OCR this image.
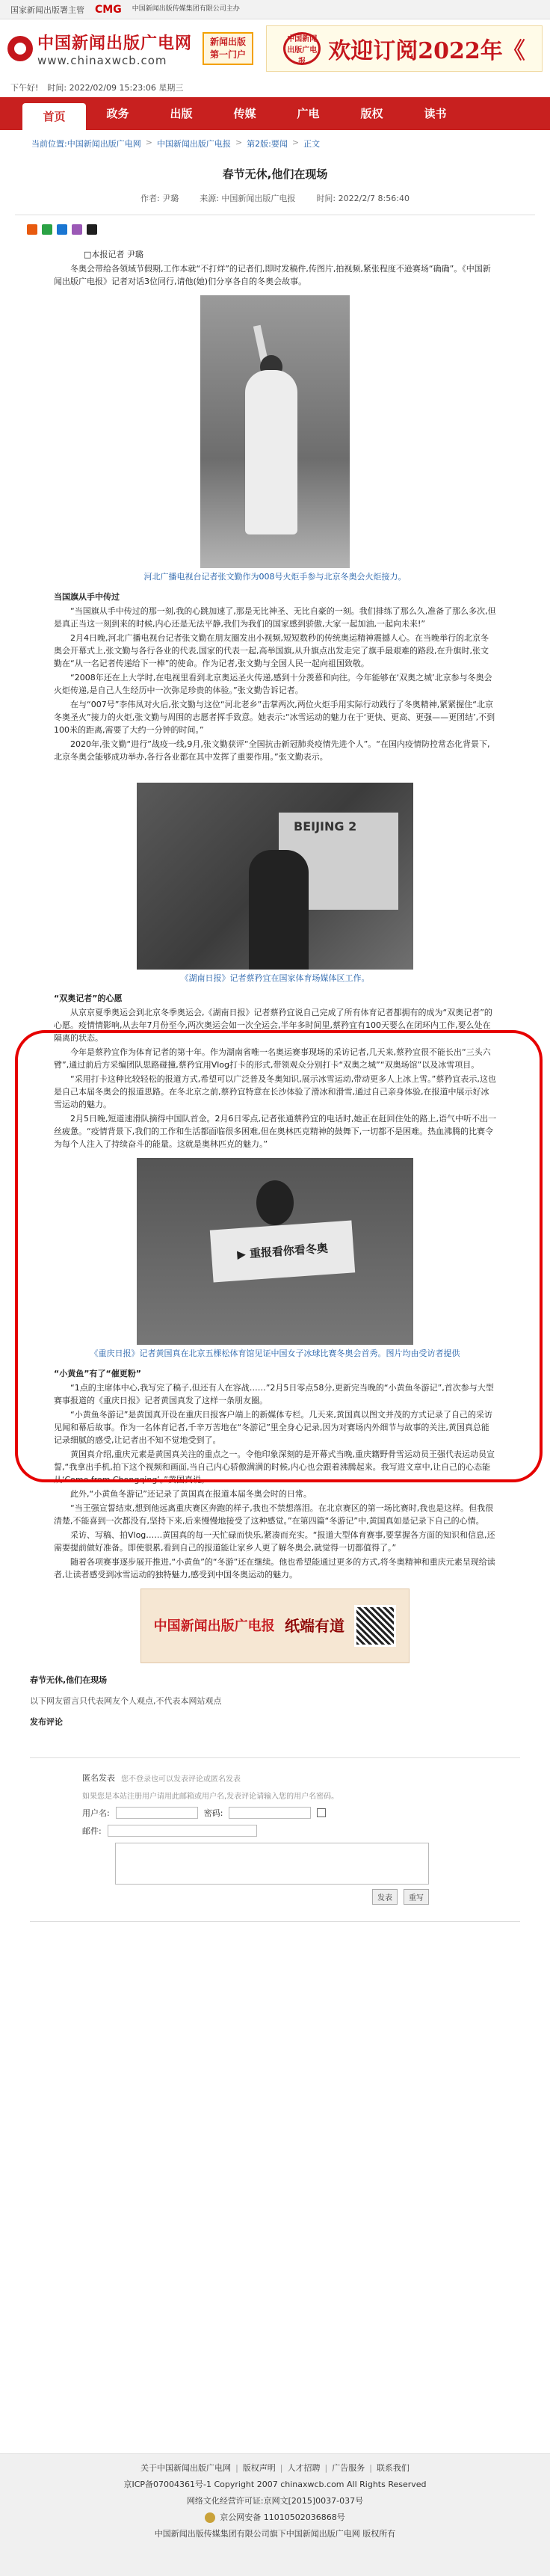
国家新闻出版署主管 CMG 中国新闻出版传媒集团有限公司主办
中国新闻出版广电网
www.chinaxwcb.com
新闻出版
第一门户
中国新闻出版广电报	欢迎订阅2022年《
下午好! 时间: 2022/02/09 15:23:06 星期三
首页	政务	出版	传媒	广电	版权	读书
当前位置:中国新闻出版广电网 > 中国新闻出版广电报 > 第2版:要闻 > 正文
春节无休,他们在现场
作者: 尹璐	来源: 中国新闻出版广电报	时间: 2022/2/7 8:56:40

□本报记者 尹璐

冬奥会带给各领域节假期,工作本就“不打烊”的记者们,即时发稿件,传图片,拍视频,紧张程度不逊赛场“确确”。《中国新闻出版广电报》记者对话3位同行,请他(她)们分享各自的冬奥会故事。

河北广播电视台记者张文勤作为008号火炬手参与北京冬奥会火炬接力。

当国旗从手中传过

“当国旗从手中传过的那一刻,我的心跳加速了,那是无比神圣、无比自豪的一刻。我们排练了那么久,准备了那么多次,但是真正当这一刻到来的时候,内心还是无法平静,我们为我们的国家感到骄傲,大家一起加油,一起向未来!”

2月4日晚,河北广播电视台记者张文勤在朋友圈发出小视频,短短数秒的传统奥运精神震撼人心。在当晚举行的北京冬奥会开幕式上,张文勤与各行各业的代表,国家的代表一起,高举国旗,从升旗点出发走完了旗手最艰难的路段,在升旗时,张文勤在“从一名记者传递给下一棒”的使命。作为记者,张文勤与全国人民一起向祖国致敬。

“2008年还在上大学时,在电视里看到北京奥运圣火传递,感到十分羡慕和向往。今年能够在‘双奥之城’北京参与冬奥会火炬传递,是自己人生经历中一次弥足珍贵的体验。”张文勤告诉记者。

在与“007号”李伟凤对火后,张文勤与这位“河北老乡”击掌两次,两位火炬手用实际行动践行了冬奥精神,紧紧握住“北京冬奥圣火”接力的火炬,张文勤与周围的志愿者挥手致意。她表示:“冰雪运动的魅力在于‘更快、更高、更强——更团结’,不到100米的距离,需要了大约一分钟的时间。”

2020年,张文勤“进行”战疫一线,9月,张文勤获评“全国抗击新冠肺炎疫情先进个人”。“在国内疫情防控常态化背景下,北京冬奥会能够成功举办,各行各业都在其中发挥了重要作用。”张文勤表示。

BEIJING 2
《湖南日报》记者蔡矜宜在国家体育场媒体区工作。

“双奥记者”的心愿

从京京夏季奥运会到北京冬季奥运会,《湖南日报》记者蔡矜宜说自己完成了所有体育记者都拥有的成为“双奥记者”的心愿。疫情情影响,从去年7月份至今,两次奥运会如一次全运会,半年多时间里,蔡矜宜有100天要么在闭环内工作,要么处在隔离的状态。

今年是蔡矜宜作为体育记者的第十年。作为湖南省唯一名奥运赛事现场的采访记者,几天来,蔡矜宜很不能长出“三头六臂”,通过前后方采编团队思路碰撞,蔡矜宜用Vlog打卡的形式,带领观众分别打卡“双奥之城”“双奥场馆”以及冰雪项目。

“采用打卡这种比较轻松的报道方式,希望可以广泛普及冬奥知识,展示冰雪运动,带动更多人上冰上雪。”蔡矜宜表示,这也是自己本届冬奥会的报道思路。在冬北京之前,蔡矜宜特意在长沙体验了滑冰和滑雪,通过自己亲身体验,在报道中展示好冰雪运动的魅力。

2月5日晚,短道速滑队摘得中国队首金。2月6日零点,记者张通蔡矜宜的电话时,她正在赶回住处的路上,语气中听不出一丝疲惫。“疫情背景下,我们的工作和生活都面临很多困难,但在奥林匹克精神的鼓舞下,一切都不是困难。热血沸腾的比赛令为每个人注入了持续奋斗的能量。这就是奥林匹克的魅力。”

▶ 重报看你看冬奥
《重庆日报》记者黄国真在北京五棵松体育馆见证中国女子冰球比赛冬奥会首秀。图片均由受访者提供

“小黄鱼”有了“催更粉”

“1点的主席体中心,我写完了稿子,但还有人在容战……”2月5日零点58分,更新完当晚的“小黄鱼冬游记”,首次参与大型赛事报道的《重庆日报》记者黄国真发了这样一条朋友圈。

“小黄鱼冬游记”是黄国真开设在重庆日报客户端上的新媒体专栏。几天来,黄国真以图文并茂的方式记录了自己的采访见闻和幕后故事。作为一名体育记者,千辛万苦地在“冬游记”里全身心记录,因为对赛场内外细节与故事的关注,黄国真总能记录细腻的感受,让记者出不知不觉地受到了。

黄国真介绍,重庆元素是黄国真关注的重点之一。令他印象深刻的是开幕式当晚,重庆籍野骨雪运动员王强代表运动员宣誓,“我拿出手机,拍下这个视频和画面,当自己内心骄傲满满的时候,内心也会跟着沸腾起来。我写进文章中,让自己的心态能从‘Come from Chongqing’。”黄国真说。

此外,“小黄鱼冬游记”还记录了黄国真在报道本届冬奥会时的日常。

“当王强宣誓结束,想到他远离重庆赛区奔跑的样子,我也不禁想落泪。在北京赛区的第一场比赛时,我也是这样。但我很清楚,不能喜到一次都没有,坚持下来,后来慢慢地接受了这种感觉。”在第四篇“冬游记”中,黄国真如是记录下自己的心情。

采访、写稿、拍Vlog……黄国真的每一天忙碌而快乐,紧凑而充实。“报道大型体育赛事,要掌握各方面的知识和信息,还需要提前做好准备。即使很累,看到自己的报道能让家乡人更了解冬奥会,就觉得一切都值得了。”

随着各项赛事逐步展开推进,“小黄鱼”的“冬游”还在继续。他也希望能通过更多的方式,将冬奥精神和重庆元素呈现给读者,让读者感受到冰雪运动的独特魅力,感受到中国冬奥运动的魅力。

中国新闻出版广电报 纸端有道
春节无休,他们在现场
以下网友留言只代表网友个人观点,不代表本网站观点
发布评论
匿名发表 您不登录也可以发表评论或匿名发表
如果您是本站注册用户请用此邮箱或用户名,发表评论请输入您的用户名密码。
用户名:	密码:
邮件:
发表	重写
关于中国新闻出版广电网 | 版权声明 | 人才招聘 | 广告服务 | 联系我们
京ICP备07004361号-1 Copyright 2007 chinaxwcb.com All Rights Reserved
网络文化经营许可证:京网文[2015]0037-037号
京公网安备 11010502036868号
中国新闻出版传媒集团有限公司旗下中国新闻出版广电网 版权所有
